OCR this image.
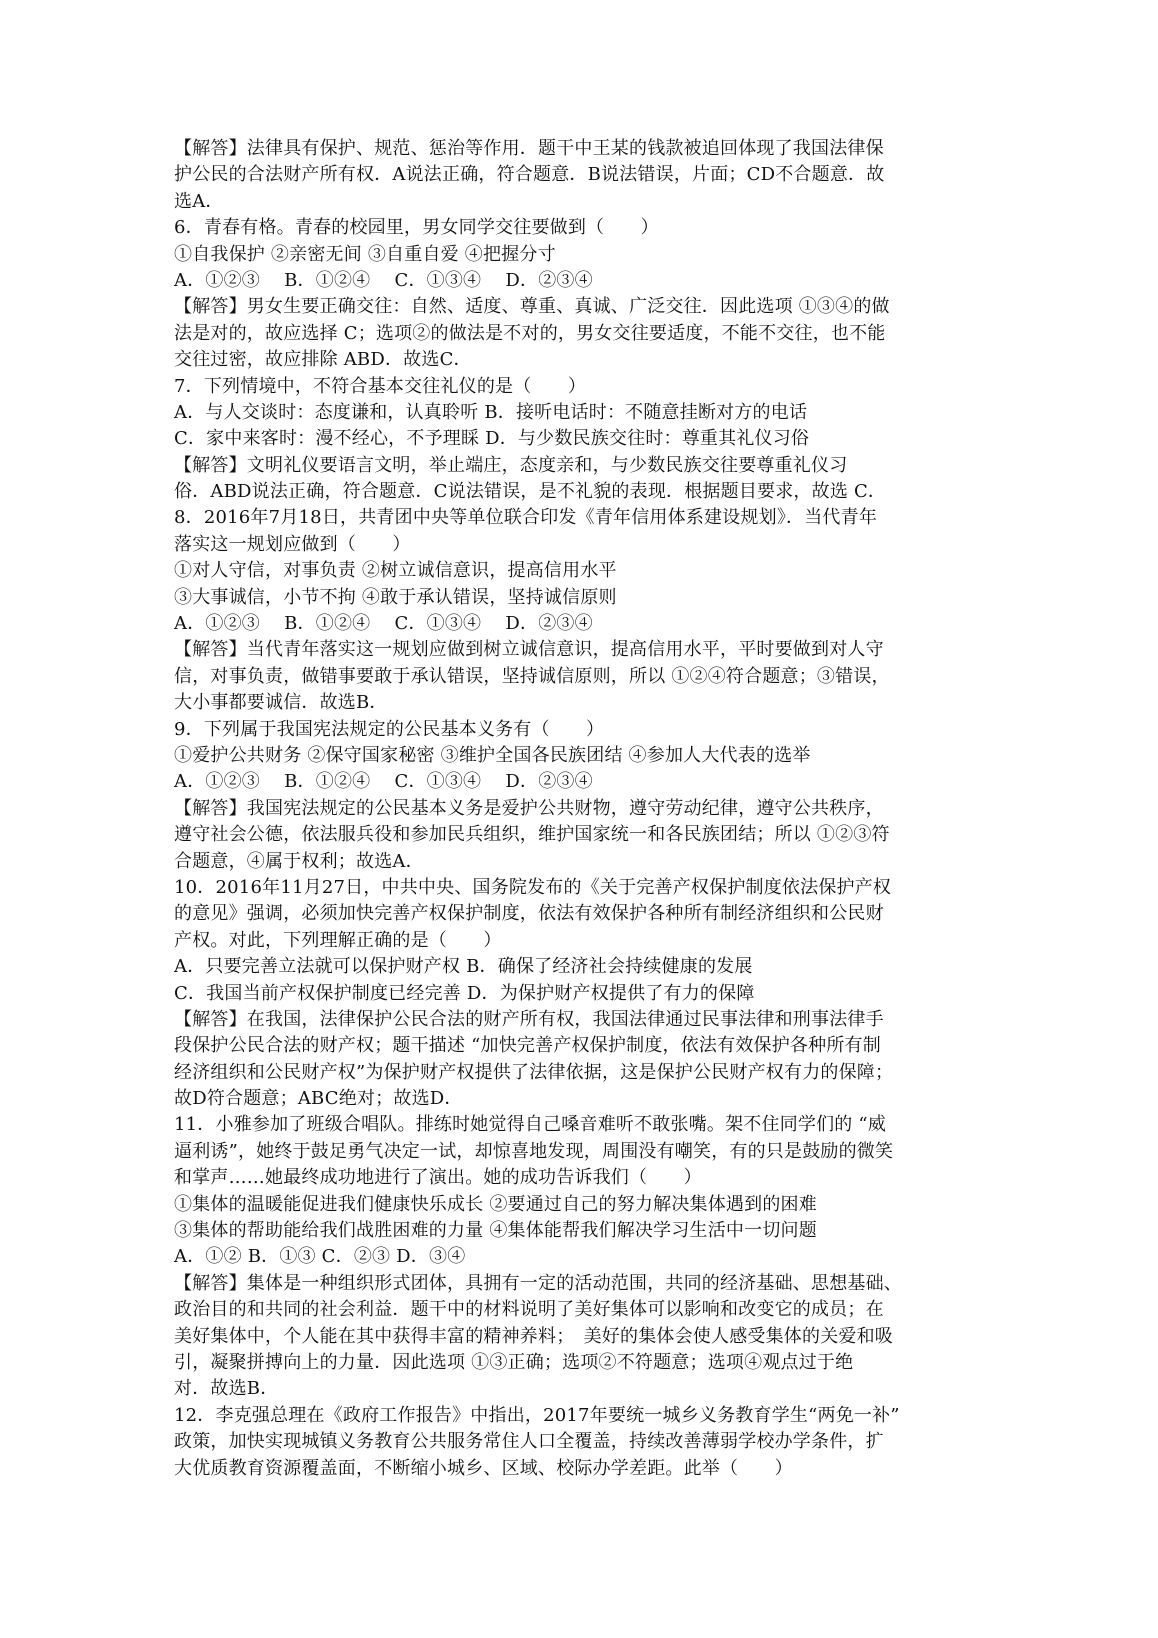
【解答】法律具有保护、规范、惩治等作用．题干中王某的钱款被追回体现了我国法律保
护公民的合法财产所有权．A说法正确，符合题意．B说法错误，片面；CD不合题意．故
选A．
6．青春有格。青春的校园里，男女同学交往要做到（　　）
①自我保护 ②亲密无间 ③自重自爱 ④把握分寸
A．①②③　 B．①②④　 C．①③④　 D．②③④
【解答】男女生要正确交往：自然、适度、尊重、真诚、广泛交往．因此选项 ①③④的做
法是对的，故应选择 C；选项②的做法是不对的，男女交往要适度，不能不交往，也不能
交往过密，故应排除 ABD．故选C．
7．下列情境中，不符合基本交往礼仪的是（　　）
A．与人交谈时：态度谦和，认真聆听 B．接听电话时：不随意挂断对方的电话
C．家中来客时：漫不经心，不予理睬 D．与少数民族交往时：尊重其礼仪习俗
【解答】文明礼仪要语言文明，举止端庄，态度亲和，与少数民族交往要尊重礼仪习
俗．ABD说法正确，符合题意．C说法错误，是不礼貌的表现．根据题目要求，故选 C．
8．2016年7月18日，共青团中央等单位联合印发《青年信用体系建设规划》．当代青年
落实这一规划应做到（　　）
①对人守信，对事负责 ②树立诚信意识，提高信用水平
③大事诚信，小节不拘 ④敢于承认错误，坚持诚信原则
A．①②③　 B．①②④　 C．①③④　 D．②③④
【解答】当代青年落实这一规划应做到树立诚信意识，提高信用水平，平时要做到对人守
信，对事负责，做错事要敢于承认错误，坚持诚信原则，所以 ①②④符合题意；③错误，
大小事都要诚信．故选B．
9．下列属于我国宪法规定的公民基本义务有（　　）
①爱护公共财务 ②保守国家秘密 ③维护全国各民族团结 ④参加人大代表的选举
A．①②③　 B．①②④　 C．①③④　 D．②③④
【解答】我国宪法规定的公民基本义务是爱护公共财物，遵守劳动纪律，遵守公共秩序，
遵守社会公德，依法服兵役和参加民兵组织，维护国家统一和各民族团结；所以 ①②③符
合题意，④属于权利；故选A．
10．2016年11月27日，中共中央、国务院发布的《关于完善产权保护制度依法保护产权
的意见》强调，必须加快完善产权保护制度，依法有效保护各种所有制经济组织和公民财
产权。对此，下列理解正确的是（　　）
A．只要完善立法就可以保护财产权 B．确保了经济社会持续健康的发展
C．我国当前产权保护制度已经完善 D．为保护财产权提供了有力的保障
【解答】在我国，法律保护公民合法的财产所有权，我国法律通过民事法律和刑事法律手
段保护公民合法的财产权；题干描述 “加快完善产权保护制度，依法有效保护各种所有制
经济组织和公民财产权”为保护财产权提供了法律依据，这是保护公民财产权有力的保障；
故D符合题意；ABC绝对；故选D．
11．小雅参加了班级合唱队。排练时她觉得自己嗓音难听不敢张嘴。架不住同学们的 “威
逼利诱”，她终于鼓足勇气决定一试，却惊喜地发现，周围没有嘲笑，有的只是鼓励的微笑
和掌声……她最终成功地进行了演出。她的成功告诉我们（　　）
①集体的温暖能促进我们健康快乐成长 ②要通过自己的努力解决集体遇到的困难
③集体的帮助能给我们战胜困难的力量 ④集体能帮我们解决学习生活中一切问题
A．①② B．①③ C．②③ D．③④
【解答】集体是一种组织形式团体，具拥有一定的活动范围，共同的经济基础、思想基础、
政治目的和共同的社会利益．题干中的材料说明了美好集体可以影响和改变它的成员；在
美好集体中，个人能在其中获得丰富的精神养料；　美好的集体会使人感受集体的关爱和吸
引，凝聚拼搏向上的力量．因此选项 ①③正确；选项②不符题意；选项④观点过于绝
对．故选B．
12．李克强总理在《政府工作报告》中指出，2017年要统一城乡义务教育学生“两免一补”
政策，加快实现城镇义务教育公共服务常住人口全覆盖，持续改善薄弱学校办学条件，扩
大优质教育资源覆盖面，不断缩小城乡、区域、校际办学差距。此举（　　）
